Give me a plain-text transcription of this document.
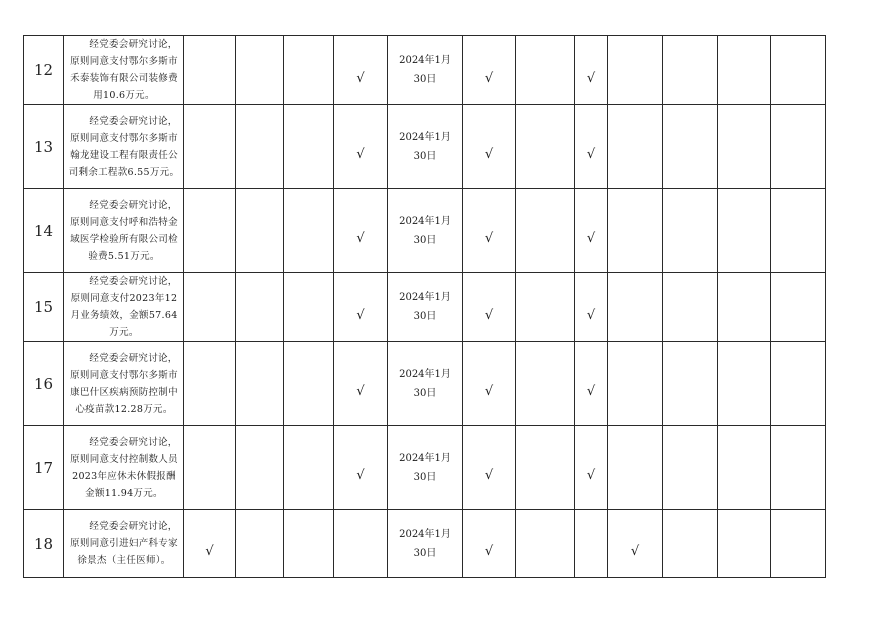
12	经党委会研究讨论，原则同意支付鄂尔多斯市禾泰装饰有限公司装修费用10.6万元。				√	2024年1月
30日	√		√				
13	经党委会研究讨论，原则同意支付鄂尔多斯市翰龙建设工程有限责任公司剩余工程款6.55万元。				√	2024年1月
30日	√		√				
14	经党委会研究讨论，原则同意支付呼和浩特金域医学检验所有限公司检验费5.51万元。				√	2024年1月
30日	√		√				
15	经党委会研究讨论，原则同意支付2023年12月业务绩效，金额57.64万元。				√	2024年1月
30日	√		√				
16	经党委会研究讨论，原则同意支付鄂尔多斯市康巴什区疾病预防控制中心疫苗款12.28万元。				√	2024年1月
30日	√		√				
17	经党委会研究讨论，原则同意支付控制数人员2023年应休未休假报酬金额11.94万元。				√	2024年1月
30日	√		√				
18	经党委会研究讨论，原则同意引进妇产科专家徐景杰（主任医师）。	√				2024年1月
30日	√			√			
